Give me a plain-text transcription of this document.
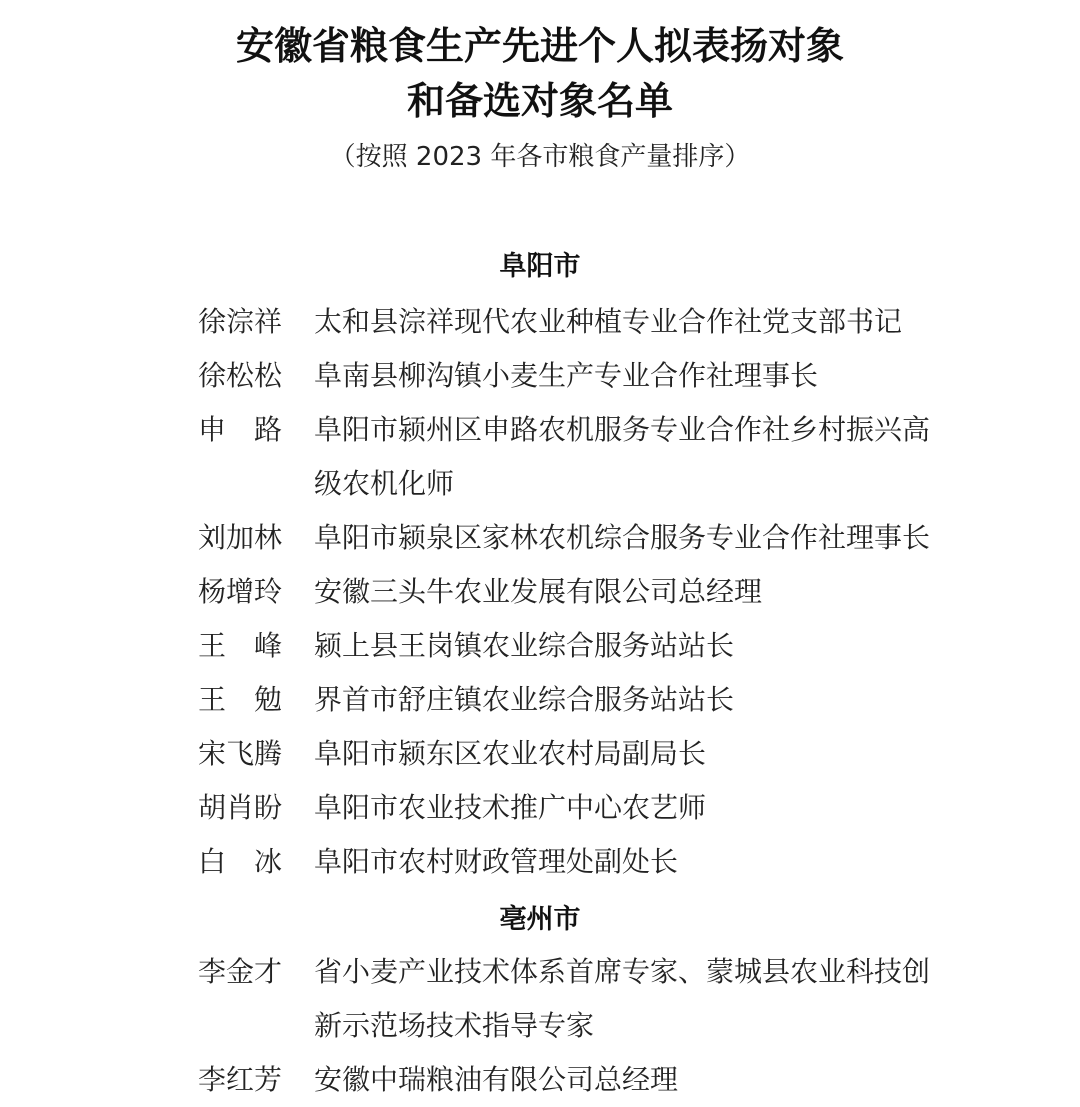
安徽省粮食生产先进个人拟表扬对象
和备选对象名单
（按照 2023 年各市粮食产量排序）
阜阳市
徐淙祥 太和县淙祥现代农业种植专业合作社党支部书记
徐松松 阜南县柳沟镇小麦生产专业合作社理事长
申　路 阜阳市颍州区申路农机服务专业合作社乡村振兴高级农机化师
刘加林 阜阳市颍泉区家林农机综合服务专业合作社理事长
杨增玲 安徽三头牛农业发展有限公司总经理
王　峰 颍上县王岗镇农业综合服务站站长
王　勉 界首市舒庄镇农业综合服务站站长
宋飞腾 阜阳市颍东区农业农村局副局长
胡肖盼 阜阳市农业技术推广中心农艺师
白　冰 阜阳市农村财政管理处副处长
亳州市
李金才 省小麦产业技术体系首席专家、蒙城县农业科技创新示范场技术指导专家
李红芳 安徽中瑞粮油有限公司总经理
